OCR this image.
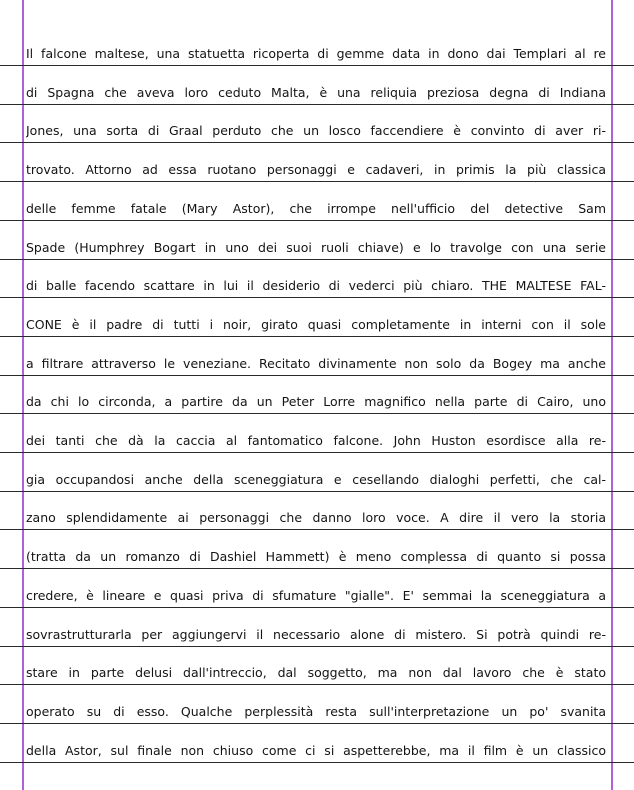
Il falcone maltese, una statuetta ricoperta di gemme data in dono dai Templari al re
di Spagna che aveva loro ceduto Malta, è una reliquia preziosa degna di Indiana
Jones, una sorta di Graal perduto che un losco faccendiere è convinto di aver ri-
trovato. Attorno ad essa ruotano personaggi e cadaveri, in primis la più classica
delle femme fatale (Mary Astor), che irrompe nell'ufficio del detective Sam
Spade (Humphrey Bogart in uno dei suoi ruoli chiave) e lo travolge con una serie
di balle facendo scattare in lui il desiderio di vederci più chiaro. THE MALTESE FAL-
CONE è il padre di tutti i noir, girato quasi completamente in interni con il sole
a filtrare attraverso le veneziane. Recitato divinamente non solo da Bogey ma anche
da chi lo circonda, a partire da un Peter Lorre magnifico nella parte di Cairo, uno
dei tanti che dà la caccia al fantomatico falcone. John Huston esordisce alla re-
gia occupandosi anche della sceneggiatura e cesellando dialoghi perfetti, che cal-
zano splendidamente ai personaggi che danno loro voce. A dire il vero la storia
(tratta da un romanzo di Dashiel Hammett) è meno complessa di quanto si possa
credere, è lineare e quasi priva di sfumature "gialle". E' semmai la sceneggiatura a
sovrastrutturarla per aggiungervi il necessario alone di mistero. Si potrà quindi re-
stare in parte delusi dall'intreccio, dal soggetto, ma non dal lavoro che è stato
operato su di esso. Qualche perplessità resta sull'interpretazione un po' svanita
della Astor, sul finale non chiuso come ci si aspetterebbe, ma il film è un classico
